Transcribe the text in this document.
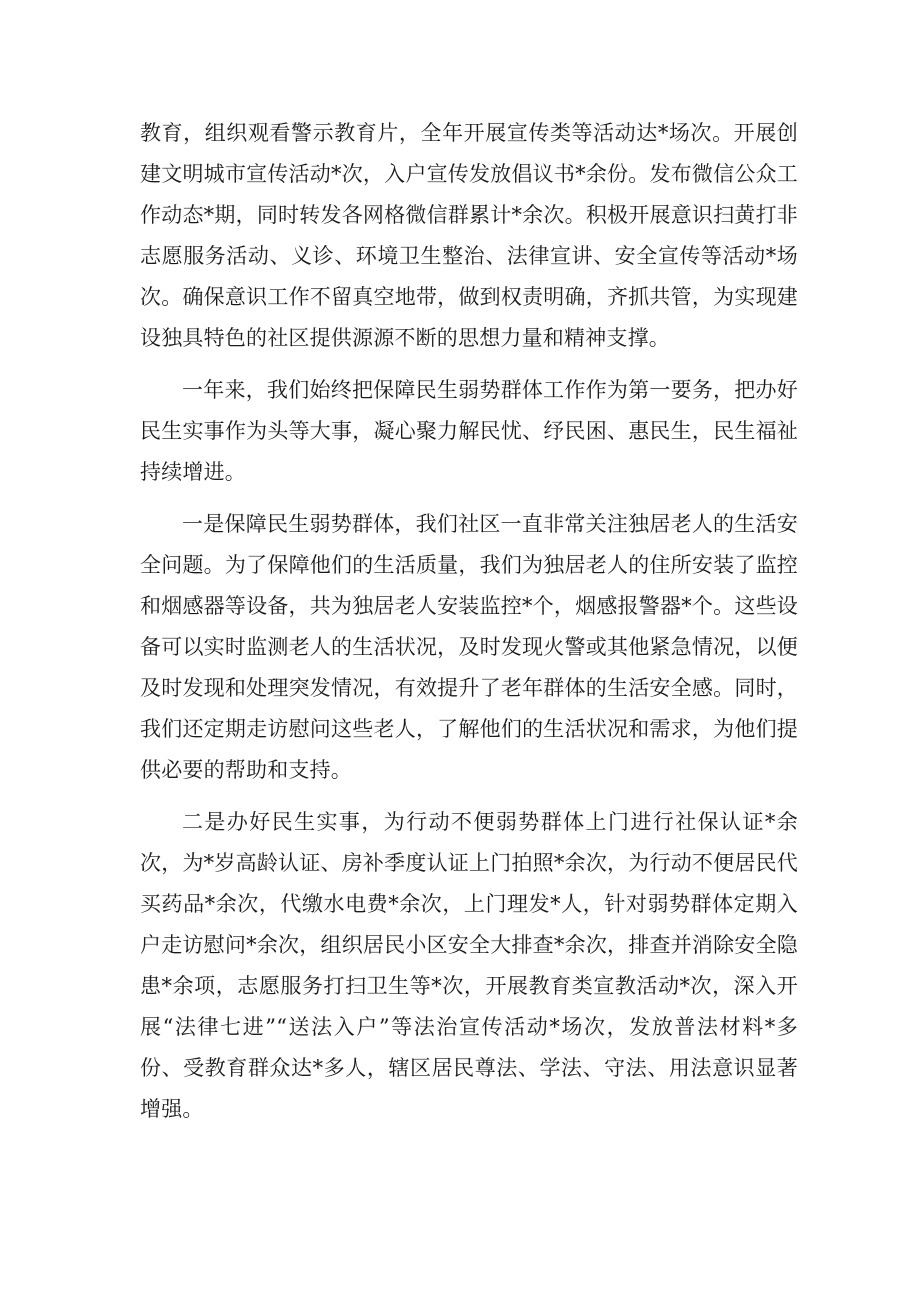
教育，组织观看警示教育片，全年开展宣传类等活动达*场次。开展创建文明城市宣传活动*次，入户宣传发放倡议书*余份。发布微信公众工作动态*期，同时转发各网格微信群累计*余次。积极开展意识扫黄打非志愿服务活动、义诊、环境卫生整治、法律宣讲、安全宣传等活动*场次。确保意识工作不留真空地带，做到权责明确，齐抓共管，为实现建设独具特色的社区提供源源不断的思想力量和精神支撑。

一年来，我们始终把保障民生弱势群体工作作为第一要务，把办好民生实事作为头等大事，凝心聚力解民忧、纾民困、惠民生，民生福祉持续增进。

一是保障民生弱势群体，我们社区一直非常关注独居老人的生活安全问题。为了保障他们的生活质量，我们为独居老人的住所安装了监控和烟感器等设备，共为独居老人安装监控*个，烟感报警器*个。这些设备可以实时监测老人的生活状况，及时发现火警或其他紧急情况，以便及时发现和处理突发情况，有效提升了老年群体的生活安全感。同时，我们还定期走访慰问这些老人，了解他们的生活状况和需求，为他们提供必要的帮助和支持。

二是办好民生实事，为行动不便弱势群体上门进行社保认证*余次，为*岁高龄认证、房补季度认证上门拍照*余次，为行动不便居民代买药品*余次，代缴水电费*余次，上门理发*人，针对弱势群体定期入户走访慰问*余次，组织居民小区安全大排查*余次，排查并消除安全隐患*余项，志愿服务打扫卫生等*次，开展教育类宣教活动*次，深入开展“法律七进”“送法入户”等法治宣传活动*场次，发放普法材料*多份、受教育群众达*多人，辖区居民尊法、学法、守法、用法意识显著增强。
